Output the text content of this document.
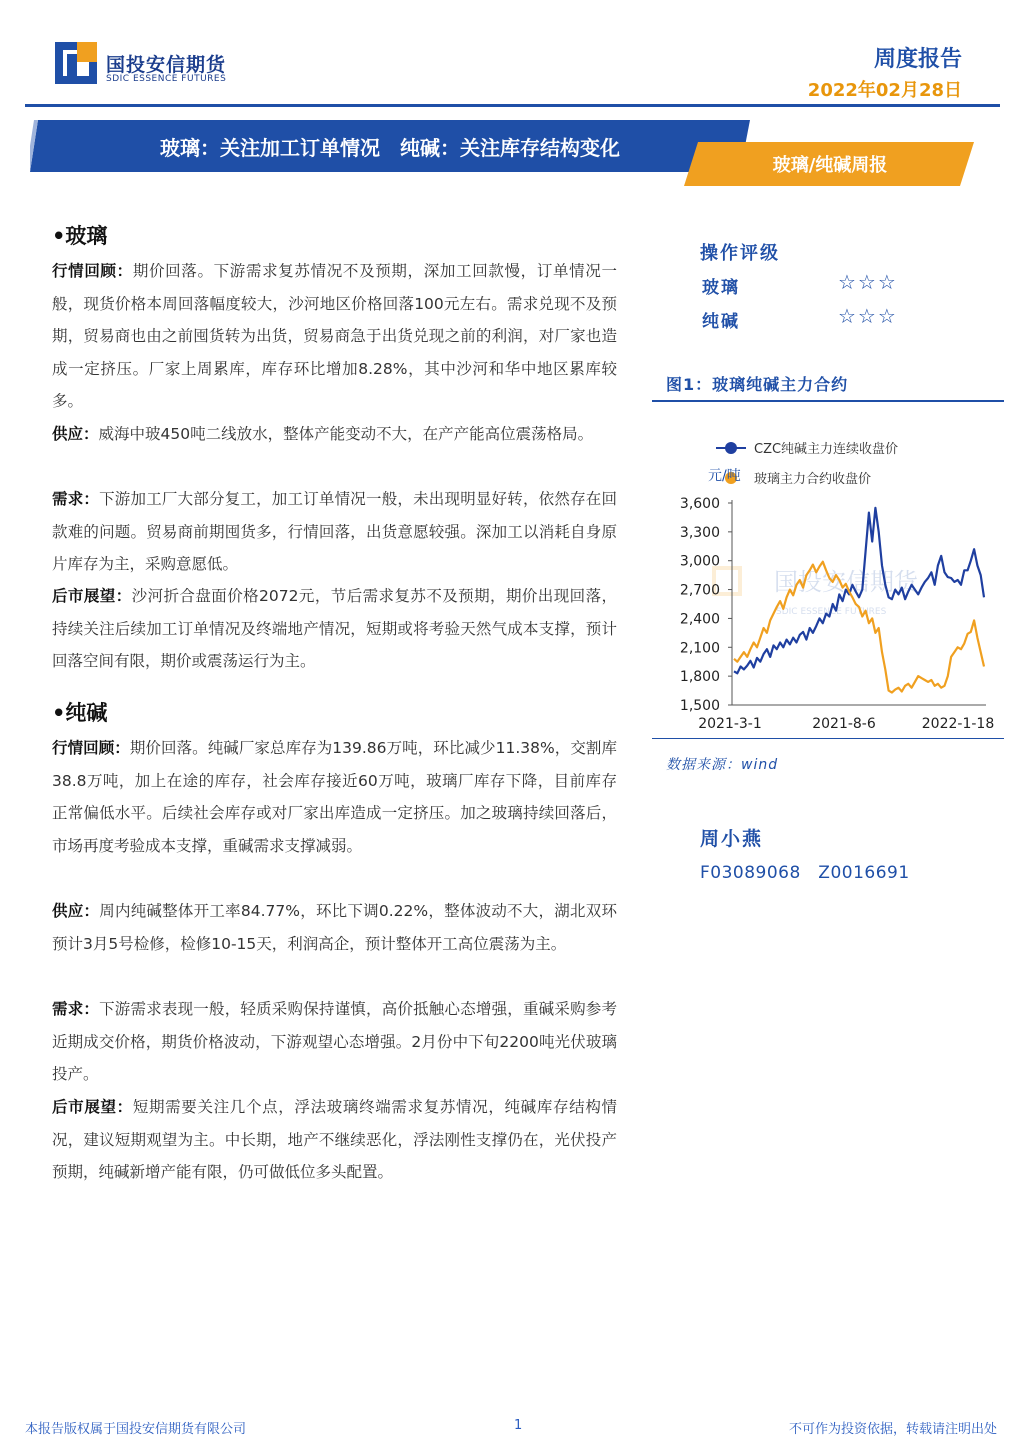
国投安信期货
SDIC ESSENCE FUTURES
周度报告
2022年02月28日
玻璃：关注加工订单情况　纯碱：关注库存结构变化
玻璃/纯碱周报
•玻璃
行情回顾：期价回落。下游需求复苏情况不及预期，深加工回款慢，订单情况一般，现货价格本周回落幅度较大，沙河地区价格回落100元左右。需求兑现不及预期，贸易商也由之前囤货转为出货，贸易商急于出货兑现之前的利润，对厂家也造成一定挤压。厂家上周累库，库存环比增加8.28%，其中沙河和华中地区累库较多。
供应：威海中玻450吨二线放水，整体产能变动不大，在产产能高位震荡格局。
需求：下游加工厂大部分复工，加工订单情况一般，未出现明显好转，依然存在回款难的问题。贸易商前期囤货多，行情回落，出货意愿较强。深加工以消耗自身原片库存为主，采购意愿低。
后市展望：沙河折合盘面价格2072元，节后需求复苏不及预期，期价出现回落，持续关注后续加工订单情况及终端地产情况，短期或将考验天然气成本支撑，预计回落空间有限，期价或震荡运行为主。
•纯碱
行情回顾：期价回落。纯碱厂家总库存为139.86万吨，环比减少11.38%，交割库38.8万吨，加上在途的库存，社会库存接近60万吨，玻璃厂库存下降，目前库存正常偏低水平。后续社会库存或对厂家出库造成一定挤压。加之玻璃持续回落后，市场再度考验成本支撑，重碱需求支撑减弱。
供应：周内纯碱整体开工率84.77%，环比下调0.22%，整体波动不大，湖北双环预计3月5号检修，检修10-15天，利润高企，预计整体开工高位震荡为主。
需求：下游需求表现一般，轻质采购保持谨慎，高价抵触心态增强，重碱采购参考近期成交价格，期货价格波动，下游观望心态增强。2月份中下旬2200吨光伏玻璃投产。
后市展望：短期需要关注几个点，浮法玻璃终端需求复苏情况，纯碱库存结构情况，建议短期观望为主。中长期，地产不继续恶化，浮法刚性支撑仍在，光伏投产预期，纯碱新增产能有限，仍可做低位多头配置。
操作评级
玻璃	☆☆☆
纯碱	☆☆☆
图1：玻璃纯碱主力合约
国投安信期货
SDIC ESSENCE FUTURES
CZC纯碱主力连续收盘价
玻璃主力合约收盘价
元/吨
1,500
1,800
2,100
2,400
2,700
3,000
3,300
3,600
2021-3-1	2021-8-6	2022-1-18
数据来源：wind
周小燕
F03089068　Z0016691
本报告版权属于国投安信期货有限公司	1	不可作为投资依据，转载请注明出处
